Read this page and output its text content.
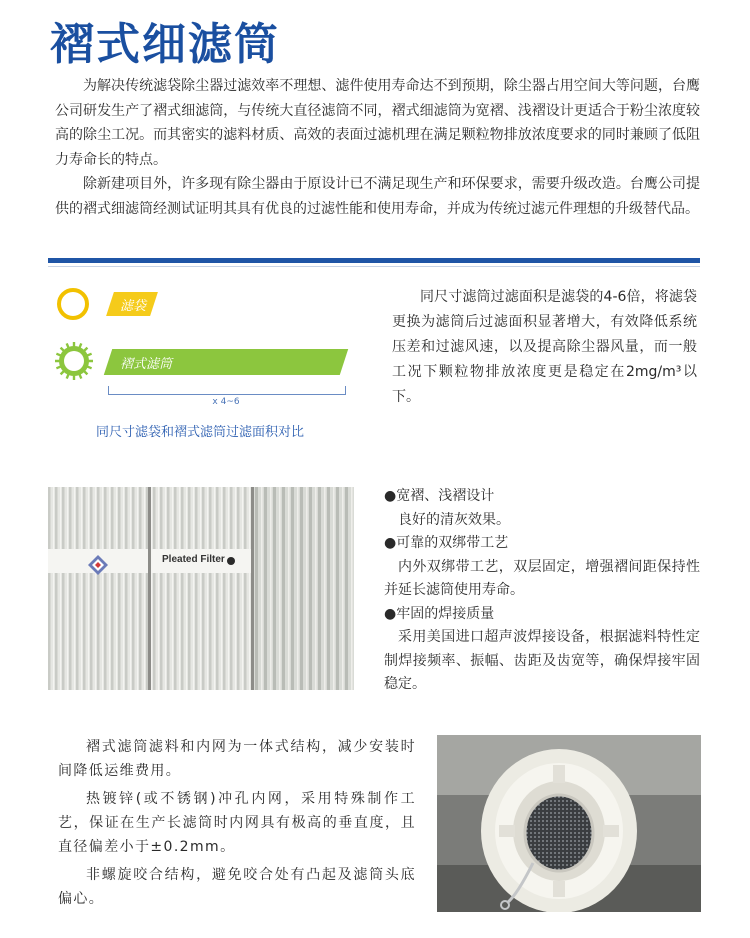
褶式细滤筒

为解决传统滤袋除尘器过滤效率不理想、滤件使用寿命达不到预期，除尘器占用空间大等问题，台鹰公司研发生产了褶式细滤筒，与传统大直径滤筒不同，褶式细滤筒为宽褶、浅褶设计更适合于粉尘浓度较高的除尘工况。而其密实的滤料材质、高效的表面过滤机理在满足颗粒物排放浓度要求的同时兼顾了低阻力寿命长的特点。

除新建项目外，许多现有除尘器由于原设计已不满足现生产和环保要求，需要升级改造。台鹰公司提供的褶式细滤筒经测试证明其具有优良的过滤性能和使用寿命，并成为传统过滤元件理想的升级替代品。

滤袋
褶式滤筒
x 4~6
同尺寸滤袋和褶式滤筒过滤面积对比

同尺寸滤筒过滤面积是滤袋的4-6倍，将滤袋更换为滤筒后过滤面积显著增大，有效降低系统压差和过滤风速，以及提高除尘器风量，而一般工况下颗粒物排放浓度更是稳定在2mg/m³以下。

Pleated Filter

●宽褶、浅褶设计

良好的清灰效果。

●可靠的双绑带工艺

内外双绑带工艺，双层固定，增强褶间距保持性并延长滤筒使用寿命。

●牢固的焊接质量

采用美国进口超声波焊接设备，根据滤料特性定制焊接频率、振幅、齿距及齿宽等，确保焊接牢固稳定。

褶式滤筒滤料和内网为一体式结构，减少安装时间降低运维费用。

热镀锌(或不锈钢)冲孔内网，采用特殊制作工艺，保证在生产长滤筒时内网具有极高的垂直度，且直径偏差小于±0.2mm。

非螺旋咬合结构，避免咬合处有凸起及滤筒头底偏心。
